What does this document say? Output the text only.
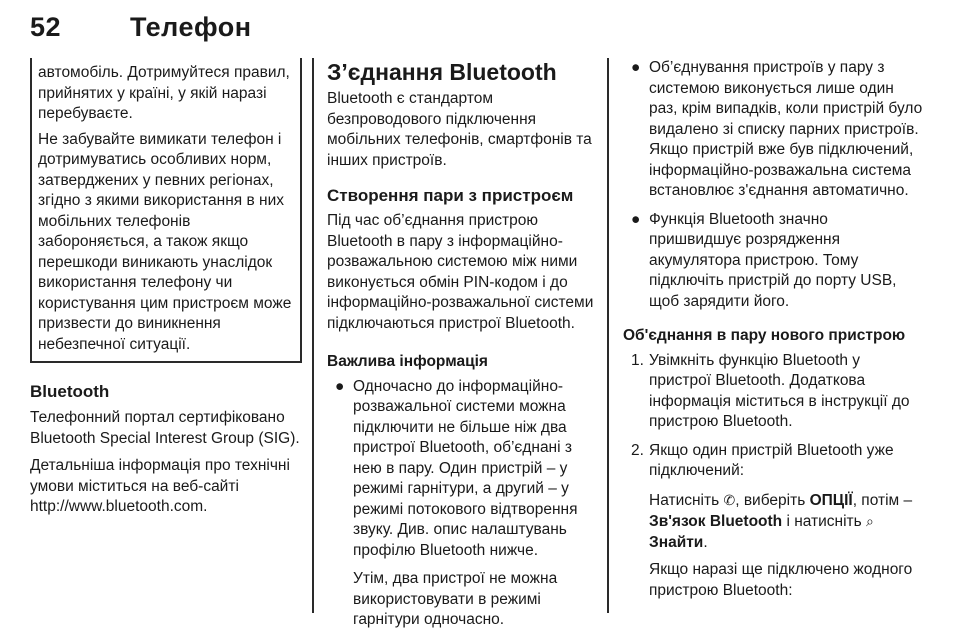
52	Телефон

автомобіль. Дотримуйтеся правил, прийнятих у країні, у якій наразі перебуваєте.

Не забувайте вимикати телефон і дотримуватись особливих норм, затверджених у певних регіонах, згідно з якими використання в них мобільних телефонів забороняється, а також якщо перешкоди виникають унаслідок використання телефону чи користування цим пристроєм може призвести до виникнення небезпечної ситуації.

Bluetooth

Телефонний портал сертифіковано Bluetooth Special Interest Group (SIG).

Детальніша інформація про технічні умови міститься на веб-сайті http://www.bluetooth.com.

З’єднання Bluetooth

Bluetooth є стандартом безпроводового підключення мобільних телефонів, смартфонів та інших пристроїв.

Створення пари з пристроєм

Під час об’єднання пристрою Bluetooth в пару з інформаційно-розважальною системою між ними виконується обмін PIN-кодом і до інформаційно-розважальної системи підключаються пристрої Bluetooth.

Важлива інформація
● Одночасно до інформаційно-розважальної системи можна підключити не більше ніж два пристрої Bluetooth, об’єднані з нею в пару. Один пристрій – у режимі гарнітури, а другий – у режимі потокового відтворення звуку. Див. опис налаштувань профілю Bluetooth нижче.

Утім, два пристрої не можна використовувати в режимі гарнітури одночасно.

● Об’єднування пристроїв у пару з системою виконується лише один раз, крім випадків, коли пристрій було видалено зі списку парних пристроїв. Якщо пристрій вже був підключений, інформаційно-розважальна система встановлює з'єднання автоматично.
● Функція Bluetooth значно пришвидшує розрядження акумулятора пристрою. Тому підключіть пристрій до порту USB, щоб зарядити його.
Об'єднання в пару нового пристрою
1. Увімкніть функцію Bluetooth у пристрої Bluetooth. Додаткова інформація міститься в інструкції до пристрою Bluetooth.
2. Якщо один пристрій Bluetooth уже підключений:

Натисніть ✆, виберіть ОПЦІЇ, потім – Зв'язок Bluetooth і натисніть ⌕ Знайти.

Якщо наразі ще підключено жодного пристрою Bluetooth:
